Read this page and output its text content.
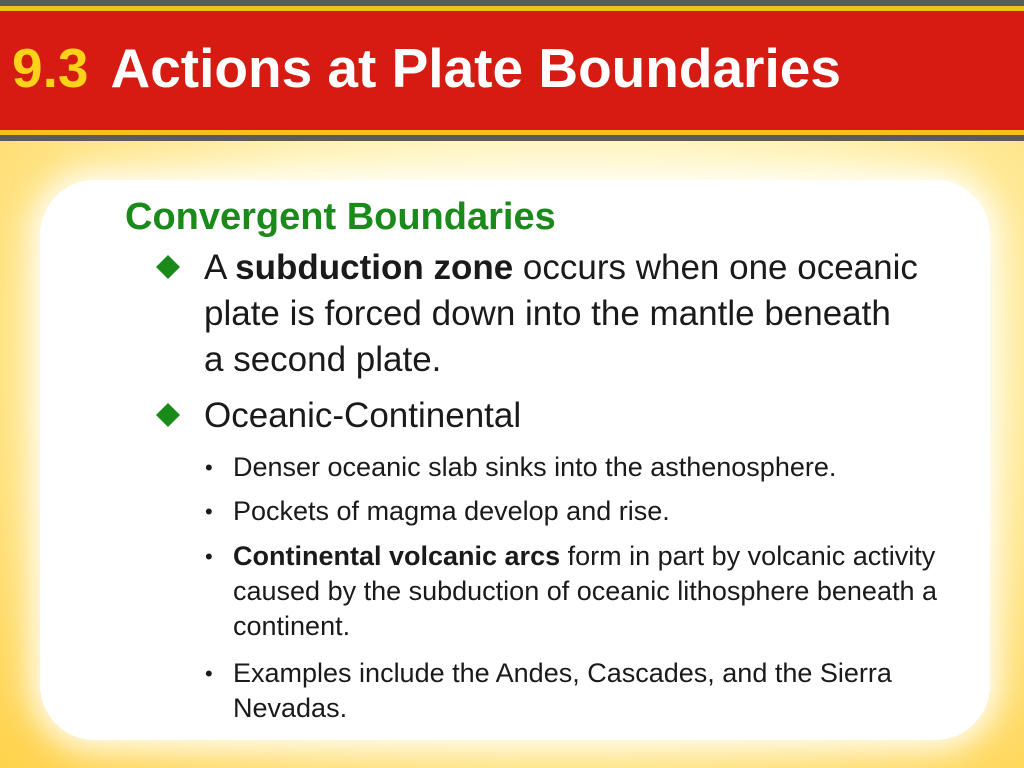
9.3 Actions at Plate Boundaries
Convergent Boundaries
A subduction zone occurs when one oceanic plate is forced down into the mantle beneath a second plate.
Oceanic-Continental
• Denser oceanic slab sinks into the asthenosphere.
• Pockets of magma develop and rise.
• Continental volcanic arcs form in part by volcanic activity caused by the subduction of oceanic lithosphere beneath a continent.
• Examples include the Andes, Cascades, and the Sierra Nevadas.
